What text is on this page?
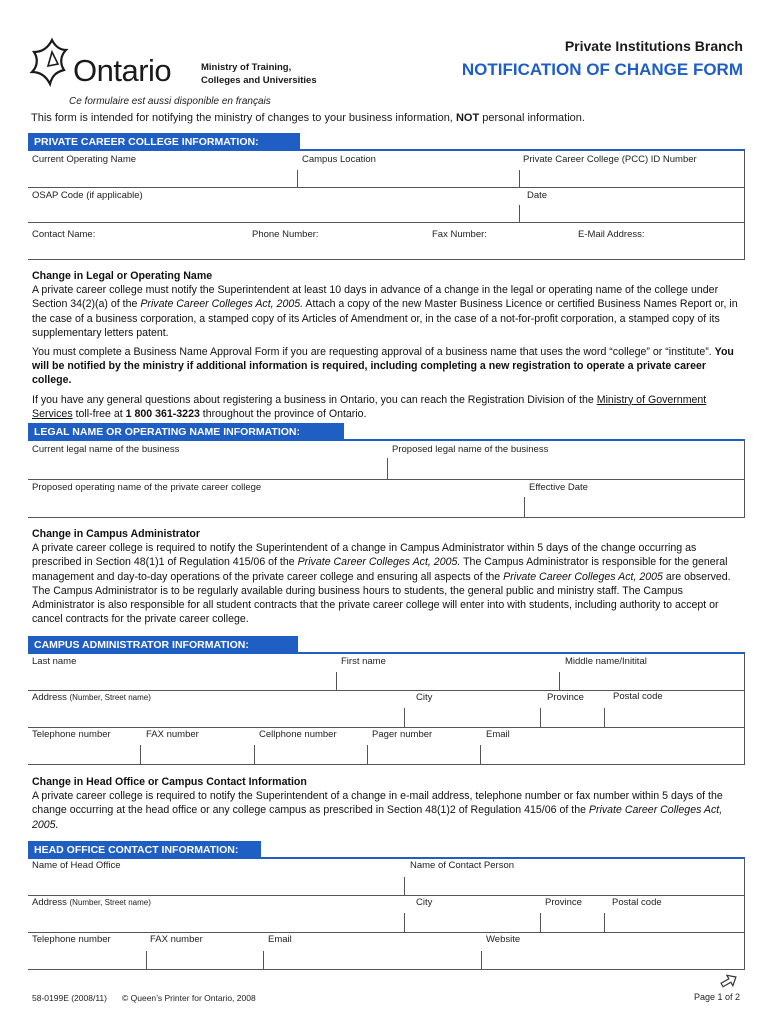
Ontario	Ministry of Training,
Colleges and Universities
Private Institutions Branch
NOTIFICATION OF CHANGE FORM
Ce formulaire est aussi disponible en français
This form is intended for notifying the ministry of changes to your business information, NOT personal information.
PRIVATE CAREER COLLEGE INFORMATION:
Current Operating Name	Campus Location	Private Career College (PCC) ID Number
OSAP Code (if applicable)	Date
Contact Name:	Phone Number:	Fax Number:	E-Mail Address:
Change in Legal or Operating Name
A private career college must notify the Superintendent at least 10 days in advance of a change in the legal or operating name of the college under Section 34(2)(a) of the Private Career Colleges Act, 2005. Attach a copy of the new Master Business Licence or certified Business Names Report or, in the case of a business corporation, a stamped copy of its Articles of Amendment or, in the case of a not-for-profit corporation, a stamped copy of its supplementary letters patent.
You must complete a Business Name Approval Form if you are requesting approval of a business name that uses the word “college” or “institute”. You will be notified by the ministry if additional information is required, including completing a new registration to operate a private career college.
If you have any general questions about registering a business in Ontario, you can reach the Registration Division of the Ministry of Government Services toll-free at 1 800 361-3223 throughout the province of Ontario.
LEGAL NAME OR OPERATING NAME INFORMATION:
Current legal name of the business	Proposed legal name of the business
Proposed operating name of the private career college	Effective Date
Change in Campus Administrator
A private career college is required to notify the Superintendent of a change in Campus Administrator within 5 days of the change occurring as prescribed in Section 48(1)1 of Regulation 415/06 of the Private Career Colleges Act, 2005. The Campus Administrator is responsible for the general management and day-to-day operations of the private career college and ensuring all aspects of the Private Career Colleges Act, 2005 are observed. The Campus Administrator is to be regularly available during business hours to students, the general public and ministry staff. The Campus Administrator is also responsible for all student contracts that the private career college will enter into with students, including authority to accept or cancel contracts for the private career college.
CAMPUS ADMINISTRATOR INFORMATION:
Last name	First name	Middle name/Initital
Address (Number, Street name)	City	Province	Postal code
Telephone number	FAX number	Cellphone number	Pager number	Email
Change in Head Office or Campus Contact Information
A private career college is required to notify the Superintendent of a change in e-mail address, telephone number or fax number within 5 days of the change occurring at the head office or any college campus as prescribed in Section 48(1)2 of Regulation 415/06 of the Private Career Colleges Act, 2005.
HEAD OFFICE CONTACT INFORMATION:
Name of Head Office	Name of Contact Person
Address (Number, Street name)	City	Province	Postal code
Telephone number	FAX number	Email	Website
58-0199E (2008/11) © Queen’s Printer for Ontario, 2008	Page 1 of 2
